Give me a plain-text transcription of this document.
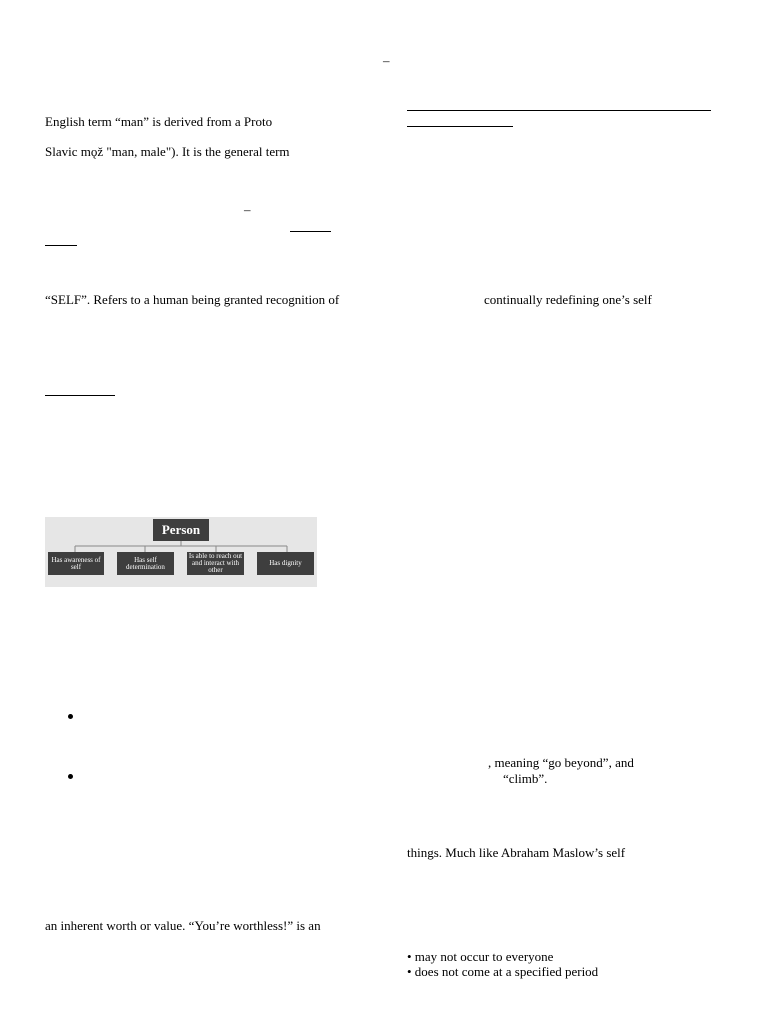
–
English term “man” is derived from a Proto
Slavic mǫž "man, male"). It is the general term
–
“SELF”. Refers to a human being granted recognition of	continually redefining one’s self
Person
Has awareness of self
Has self determination
Is able to reach out and interact with other
Has dignity
, meaning “go beyond”, and
“climb”.
things. Much like Abraham Maslow’s self
an inherent worth or value. “You’re worthless!” is an
• may not occur to everyone
• does not come at a specified period
